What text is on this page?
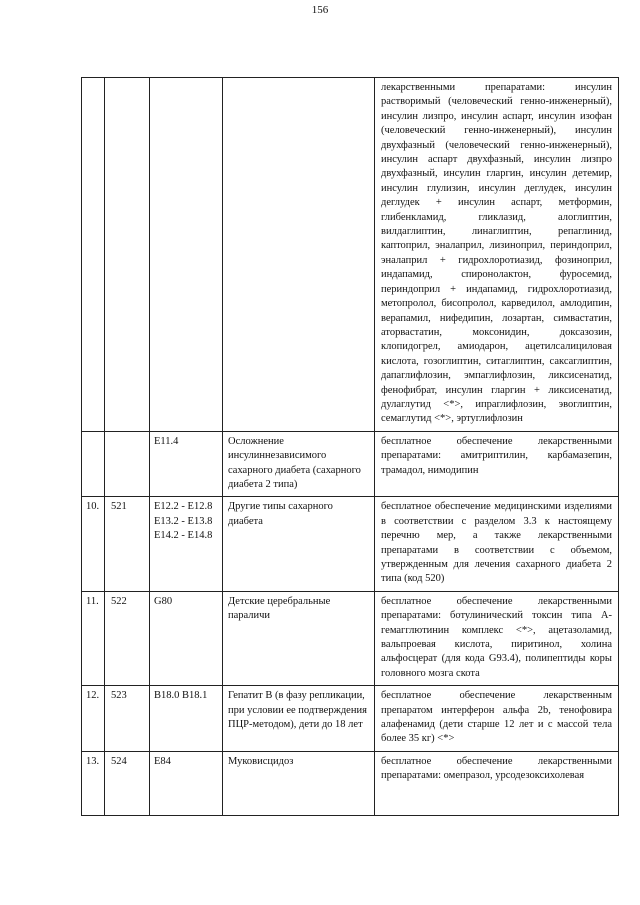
156
				лекарственными препаратами: инсулин растворимый (человеческий генно-инженерный), инсулин лизпро, инсулин аспарт, инсулин изофан (человеческий генно-инженерный), инсулин двухфазный (человеческий генно-инженерный), инсулин аспарт двухфазный, инсулин лизпро двухфазный, инсулин гларгин, инсулин детемир, инсулин глулизин, инсулин деглудек, инсулин деглудек + инсулин аспарт, метформин, глибенкламид, гликлазид, алоглиптин, вилдаглиптин, линаглиптин, репаглинид, каптоприл, эналаприл, лизиноприл, периндоприл, эналаприл + гидрохлоротиазид, фозиноприл, индапамид, спиронолактон, фуросемид, периндоприл + индапамид, гидрохлоротиазид, метопролол, бисопролол, карведилол, амлодипин, верапамил, нифедипин, лозартан, симвастатин, аторвастатин, моксонидин, доксазозин, клопидогрел, амиодарон, ацетилсалициловая кислота, гозоглиптин, ситаглиптин, саксаглиптин, дапаглифлозин, эмпаглифлозин, ликсисенатид, фенофибрат, инсулин гларгин + ликсисенатид, дулаглутид <*>, ипраглифлозин, эвоглиптин, семаглутид <*>, эртуглифлозин
		E11.4	Осложнение инсулиннезависимого сахарного диабета (сахарного диабета 2 типа)	бесплатное обеспечение лекарственными препаратами: амитриптилин, карбамазепин, трамадол, нимодипин
10.	521	E12.2 - E12.8 E13.2 - E13.8 E14.2 - E14.8	Другие типы сахарного диабета	бесплатное обеспечение медицинскими изделиями в соответствии с разделом 3.3 к настоящему перечню мер, а также лекарственными препаратами в соответствии с объемом, утвержденным для лечения сахарного диабета 2 типа (код 520)
11.	522	G80	Детские церебральные параличи	бесплатное обеспечение лекарственными препаратами: ботулинический токсин типа A-гемагглютинин комплекс <*>, ацетазоламид, вальпроевая кислота, пиритинол, холина альфосцерат (для кода G93.4), полипептиды коры головного мозга скота
12.	523	B18.0 B18.1	Гепатит B (в фазу репликации, при условии ее подтверждения ПЦР-методом), дети до 18 лет	бесплатное обеспечение лекарственным препаратом интерферон альфа 2b, тенофовира алафенамид (дети старше 12 лет и с массой тела более 35 кг) <*>
13.	524	E84	Муковисцидоз	бесплатное обеспечение лекарственными препаратами: омепразол, урсодезоксихолевая
